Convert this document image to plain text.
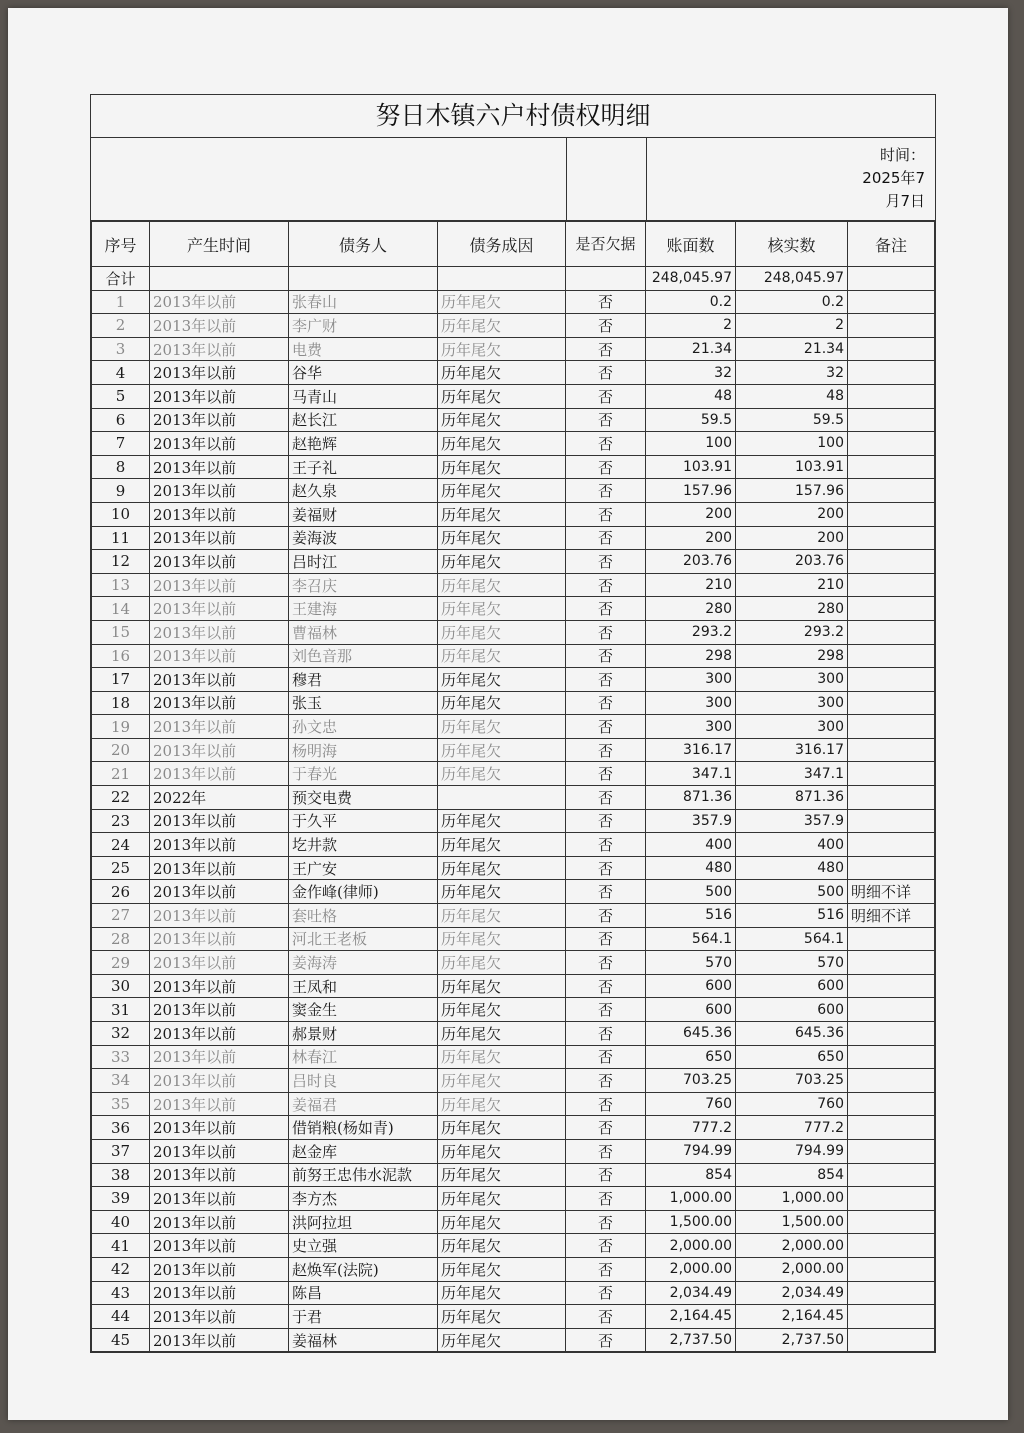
努日木镇六户村债权明细
时间：
2025年7
月7日
序号	产生时间	债务人	债务成因	是否欠据	账面数	核实数	备注
合计					248,045.97	248,045.97	
1	2013年以前	张春山	历年尾欠	否	0.2	0.2	
2	2013年以前	李广财	历年尾欠	否	2	2	
3	2013年以前	电费	历年尾欠	否	21.34	21.34	
4	2013年以前	谷华	历年尾欠	否	32	32	
5	2013年以前	马青山	历年尾欠	否	48	48	
6	2013年以前	赵长江	历年尾欠	否	59.5	59.5	
7	2013年以前	赵艳辉	历年尾欠	否	100	100	
8	2013年以前	王子礼	历年尾欠	否	103.91	103.91	
9	2013年以前	赵久泉	历年尾欠	否	157.96	157.96	
10	2013年以前	姜福财	历年尾欠	否	200	200	
11	2013年以前	姜海波	历年尾欠	否	200	200	
12	2013年以前	吕时江	历年尾欠	否	203.76	203.76	
13	2013年以前	李召庆	历年尾欠	否	210	210	
14	2013年以前	王建海	历年尾欠	否	280	280	
15	2013年以前	曹福林	历年尾欠	否	293.2	293.2	
16	2013年以前	刘色音那	历年尾欠	否	298	298	
17	2013年以前	穆君	历年尾欠	否	300	300	
18	2013年以前	张玉	历年尾欠	否	300	300	
19	2013年以前	孙文忠	历年尾欠	否	300	300	
20	2013年以前	杨明海	历年尾欠	否	316.17	316.17	
21	2013年以前	于春光	历年尾欠	否	347.1	347.1	
22	2022年	预交电费		否	871.36	871.36	
23	2013年以前	于久平	历年尾欠	否	357.9	357.9	
24	2013年以前	圪井款	历年尾欠	否	400	400	
25	2013年以前	王广安	历年尾欠	否	480	480	
26	2013年以前	金作峰(律师)	历年尾欠	否	500	500	明细不详
27	2013年以前	套吐格	历年尾欠	否	516	516	明细不详
28	2013年以前	河北王老板	历年尾欠	否	564.1	564.1	
29	2013年以前	姜海涛	历年尾欠	否	570	570	
30	2013年以前	王凤和	历年尾欠	否	600	600	
31	2013年以前	窦金生	历年尾欠	否	600	600	
32	2013年以前	郝景财	历年尾欠	否	645.36	645.36	
33	2013年以前	林春江	历年尾欠	否	650	650	
34	2013年以前	吕时良	历年尾欠	否	703.25	703.25	
35	2013年以前	姜福君	历年尾欠	否	760	760	
36	2013年以前	借销粮(杨如青)	历年尾欠	否	777.2	777.2	
37	2013年以前	赵金库	历年尾欠	否	794.99	794.99	
38	2013年以前	前努王忠伟水泥款	历年尾欠	否	854	854	
39	2013年以前	李方杰	历年尾欠	否	1,000.00	1,000.00	
40	2013年以前	洪阿拉坦	历年尾欠	否	1,500.00	1,500.00	
41	2013年以前	史立强	历年尾欠	否	2,000.00	2,000.00	
42	2013年以前	赵焕军(法院)	历年尾欠	否	2,000.00	2,000.00	
43	2013年以前	陈昌	历年尾欠	否	2,034.49	2,034.49	
44	2013年以前	于君	历年尾欠	否	2,164.45	2,164.45	
45	2013年以前	姜福林	历年尾欠	否	2,737.50	2,737.50	
